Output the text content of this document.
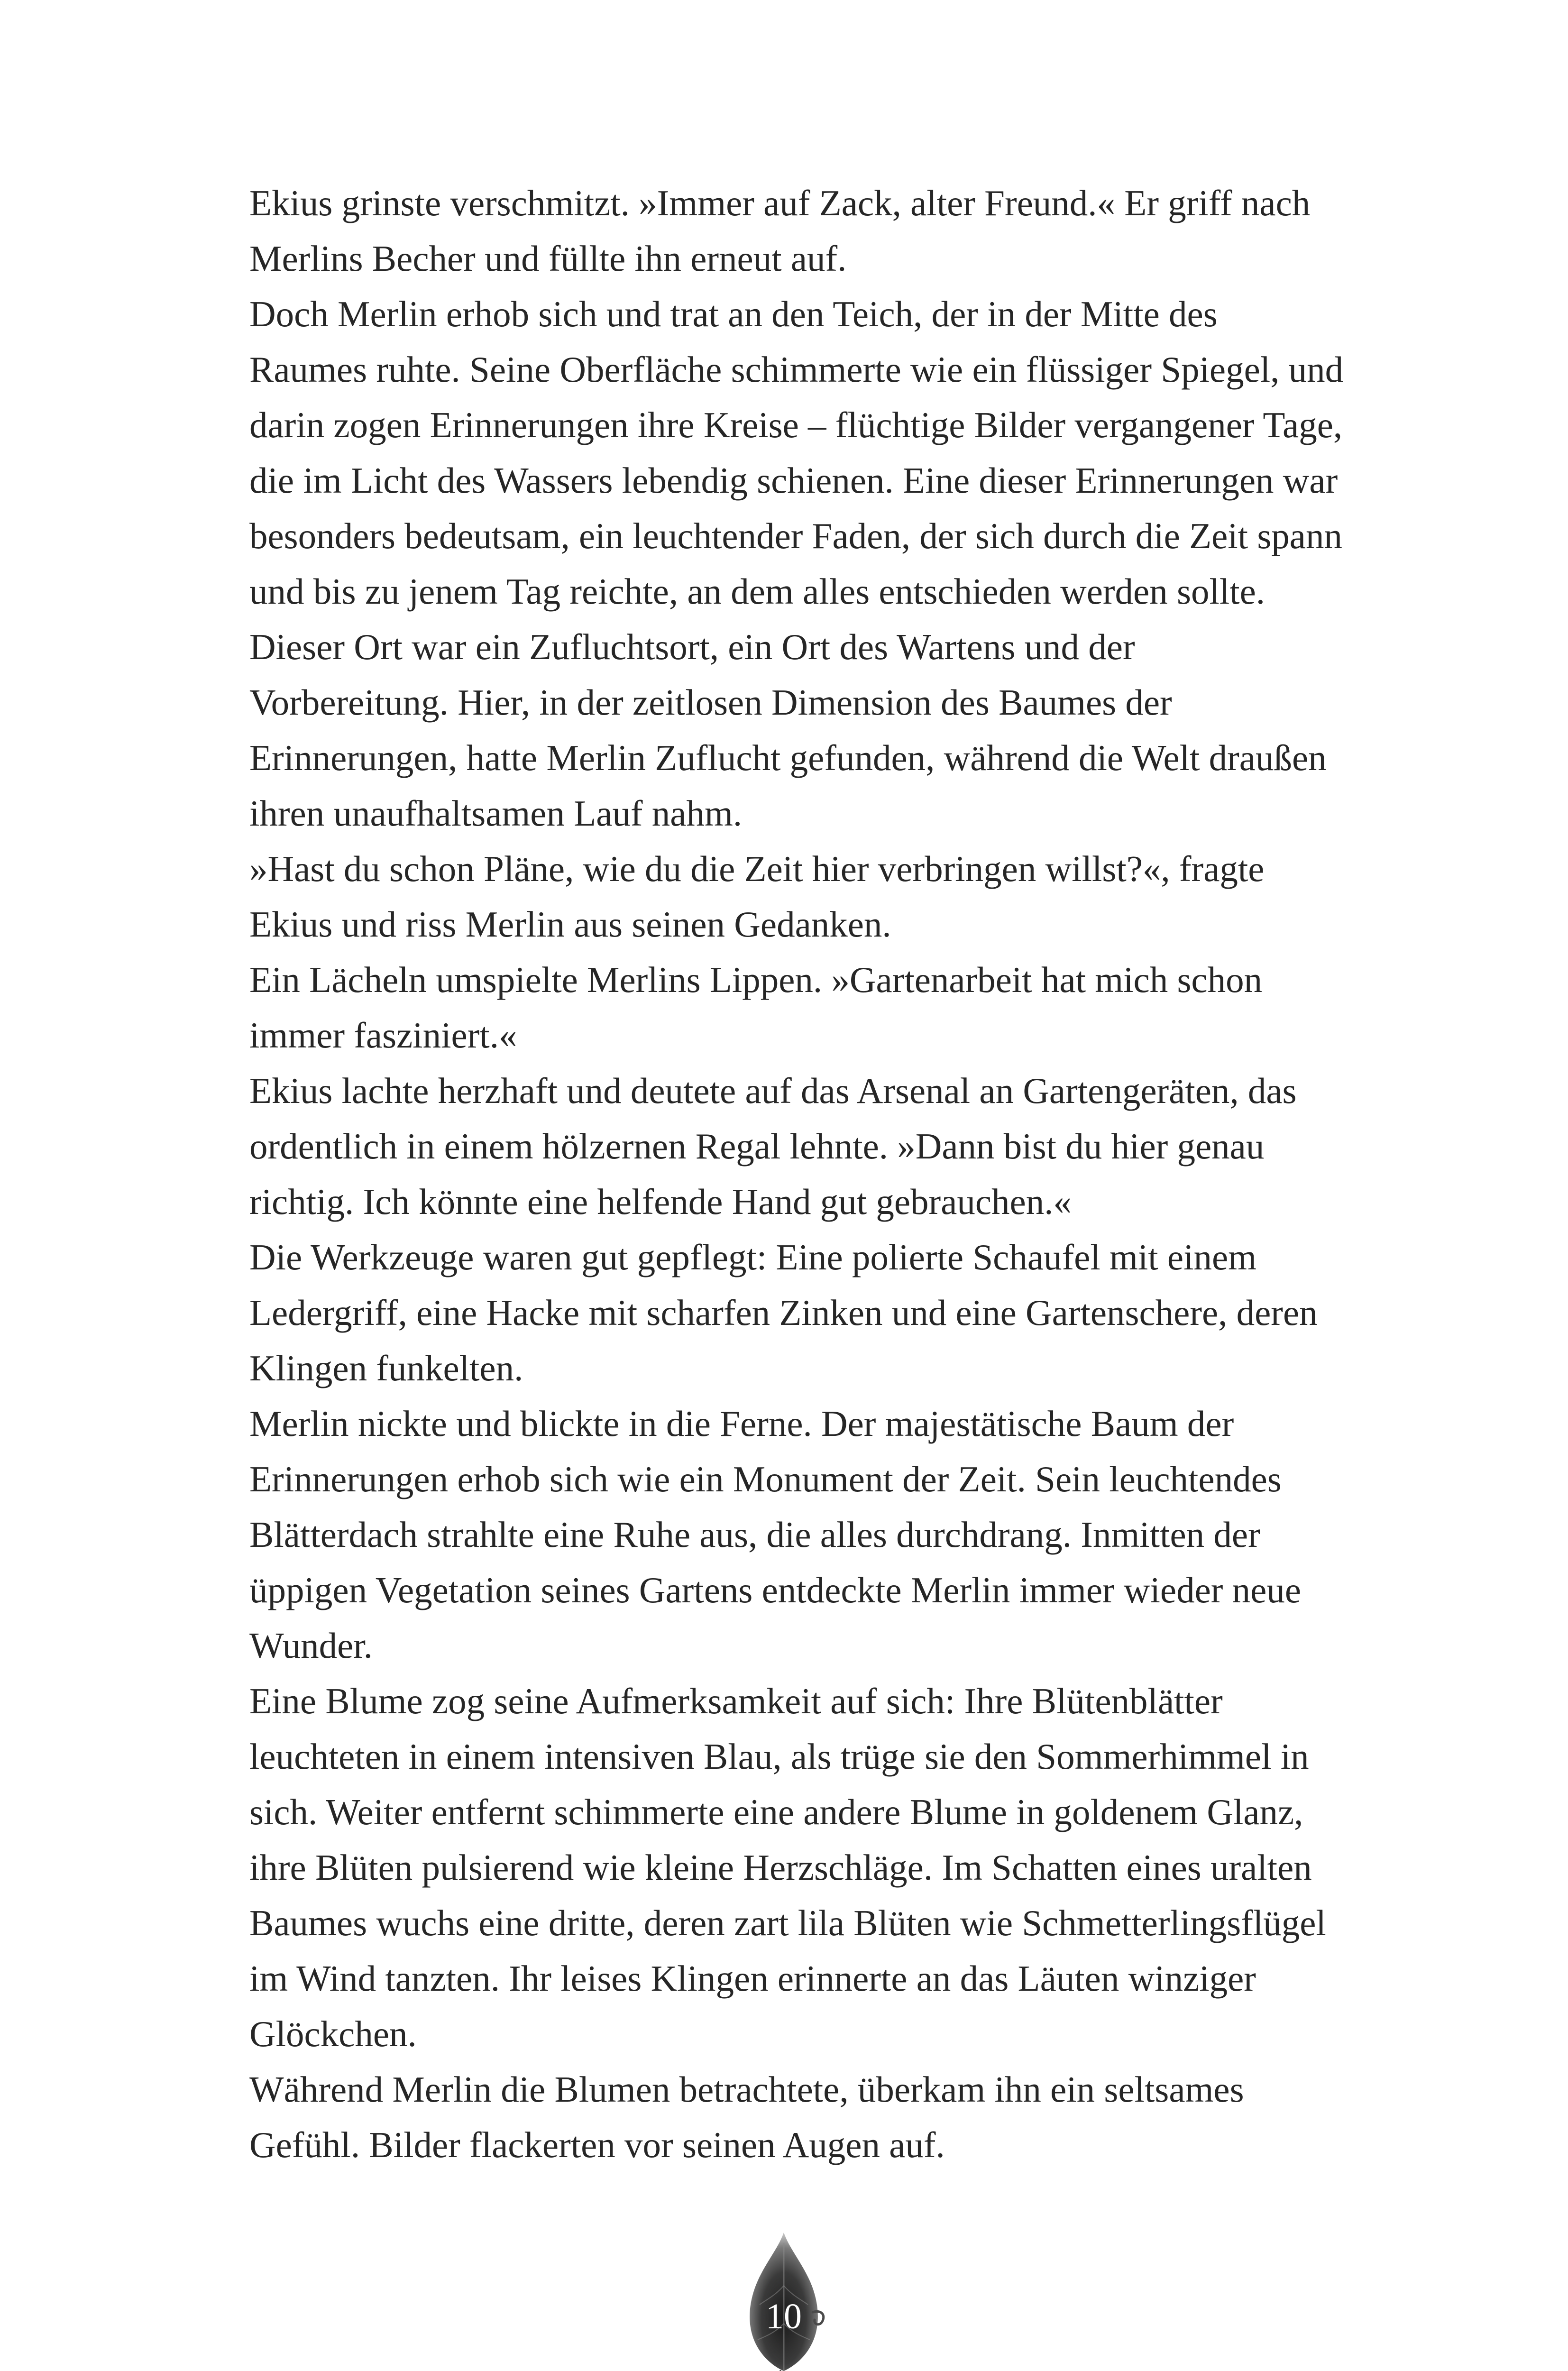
Ekius grinste verschmitzt. »Immer auf Zack, alter Freund.« Er griff nach
Merlins Becher und füllte ihn erneut auf.

Doch Merlin erhob sich und trat an den Teich, der in der Mitte des
Raumes ruhte. Seine Oberfläche schimmerte wie ein flüssiger Spiegel, und
darin zogen Erinnerungen ihre Kreise – flüchtige Bilder vergangener Tage,
die im Licht des Wassers lebendig schienen. Eine dieser Erinnerungen war
besonders bedeutsam, ein leuchtender Faden, der sich durch die Zeit spann
und bis zu jenem Tag reichte, an dem alles entschieden werden sollte.

Dieser Ort war ein Zufluchtsort, ein Ort des Wartens und der
Vorbereitung. Hier, in der zeitlosen Dimension des Baumes der
Erinnerungen, hatte Merlin Zuflucht gefunden, während die Welt draußen
ihren unaufhaltsamen Lauf nahm.

»Hast du schon Pläne, wie du die Zeit hier verbringen willst?«, fragte
Ekius und riss Merlin aus seinen Gedanken.

Ein Lächeln umspielte Merlins Lippen. »Gartenarbeit hat mich schon
immer fasziniert.«

Ekius lachte herzhaft und deutete auf das Arsenal an Gartengeräten, das
ordentlich in einem hölzernen Regal lehnte. »Dann bist du hier genau
richtig. Ich könnte eine helfende Hand gut gebrauchen.«

Die Werkzeuge waren gut gepflegt: Eine polierte Schaufel mit einem
Ledergriff, eine Hacke mit scharfen Zinken und eine Gartenschere, deren
Klingen funkelten.

Merlin nickte und blickte in die Ferne. Der majestätische Baum der
Erinnerungen erhob sich wie ein Monument der Zeit. Sein leuchtendes
Blätterdach strahlte eine Ruhe aus, die alles durchdrang. Inmitten der
üppigen Vegetation seines Gartens entdeckte Merlin immer wieder neue
Wunder.

Eine Blume zog seine Aufmerksamkeit auf sich: Ihre Blütenblätter
leuchteten in einem intensiven Blau, als trüge sie den Sommerhimmel in
sich. Weiter entfernt schimmerte eine andere Blume in goldenem Glanz,
ihre Blüten pulsierend wie kleine Herzschläge. Im Schatten eines uralten
Baumes wuchs eine dritte, deren zart lila Blüten wie Schmetterlingsflügel
im Wind tanzten. Ihr leises Klingen erinnerte an das Läuten winziger
Glöckchen.

Während Merlin die Blumen betrachtete, überkam ihn ein seltsames
Gefühl. Bilder flackerten vor seinen Augen auf.

10
